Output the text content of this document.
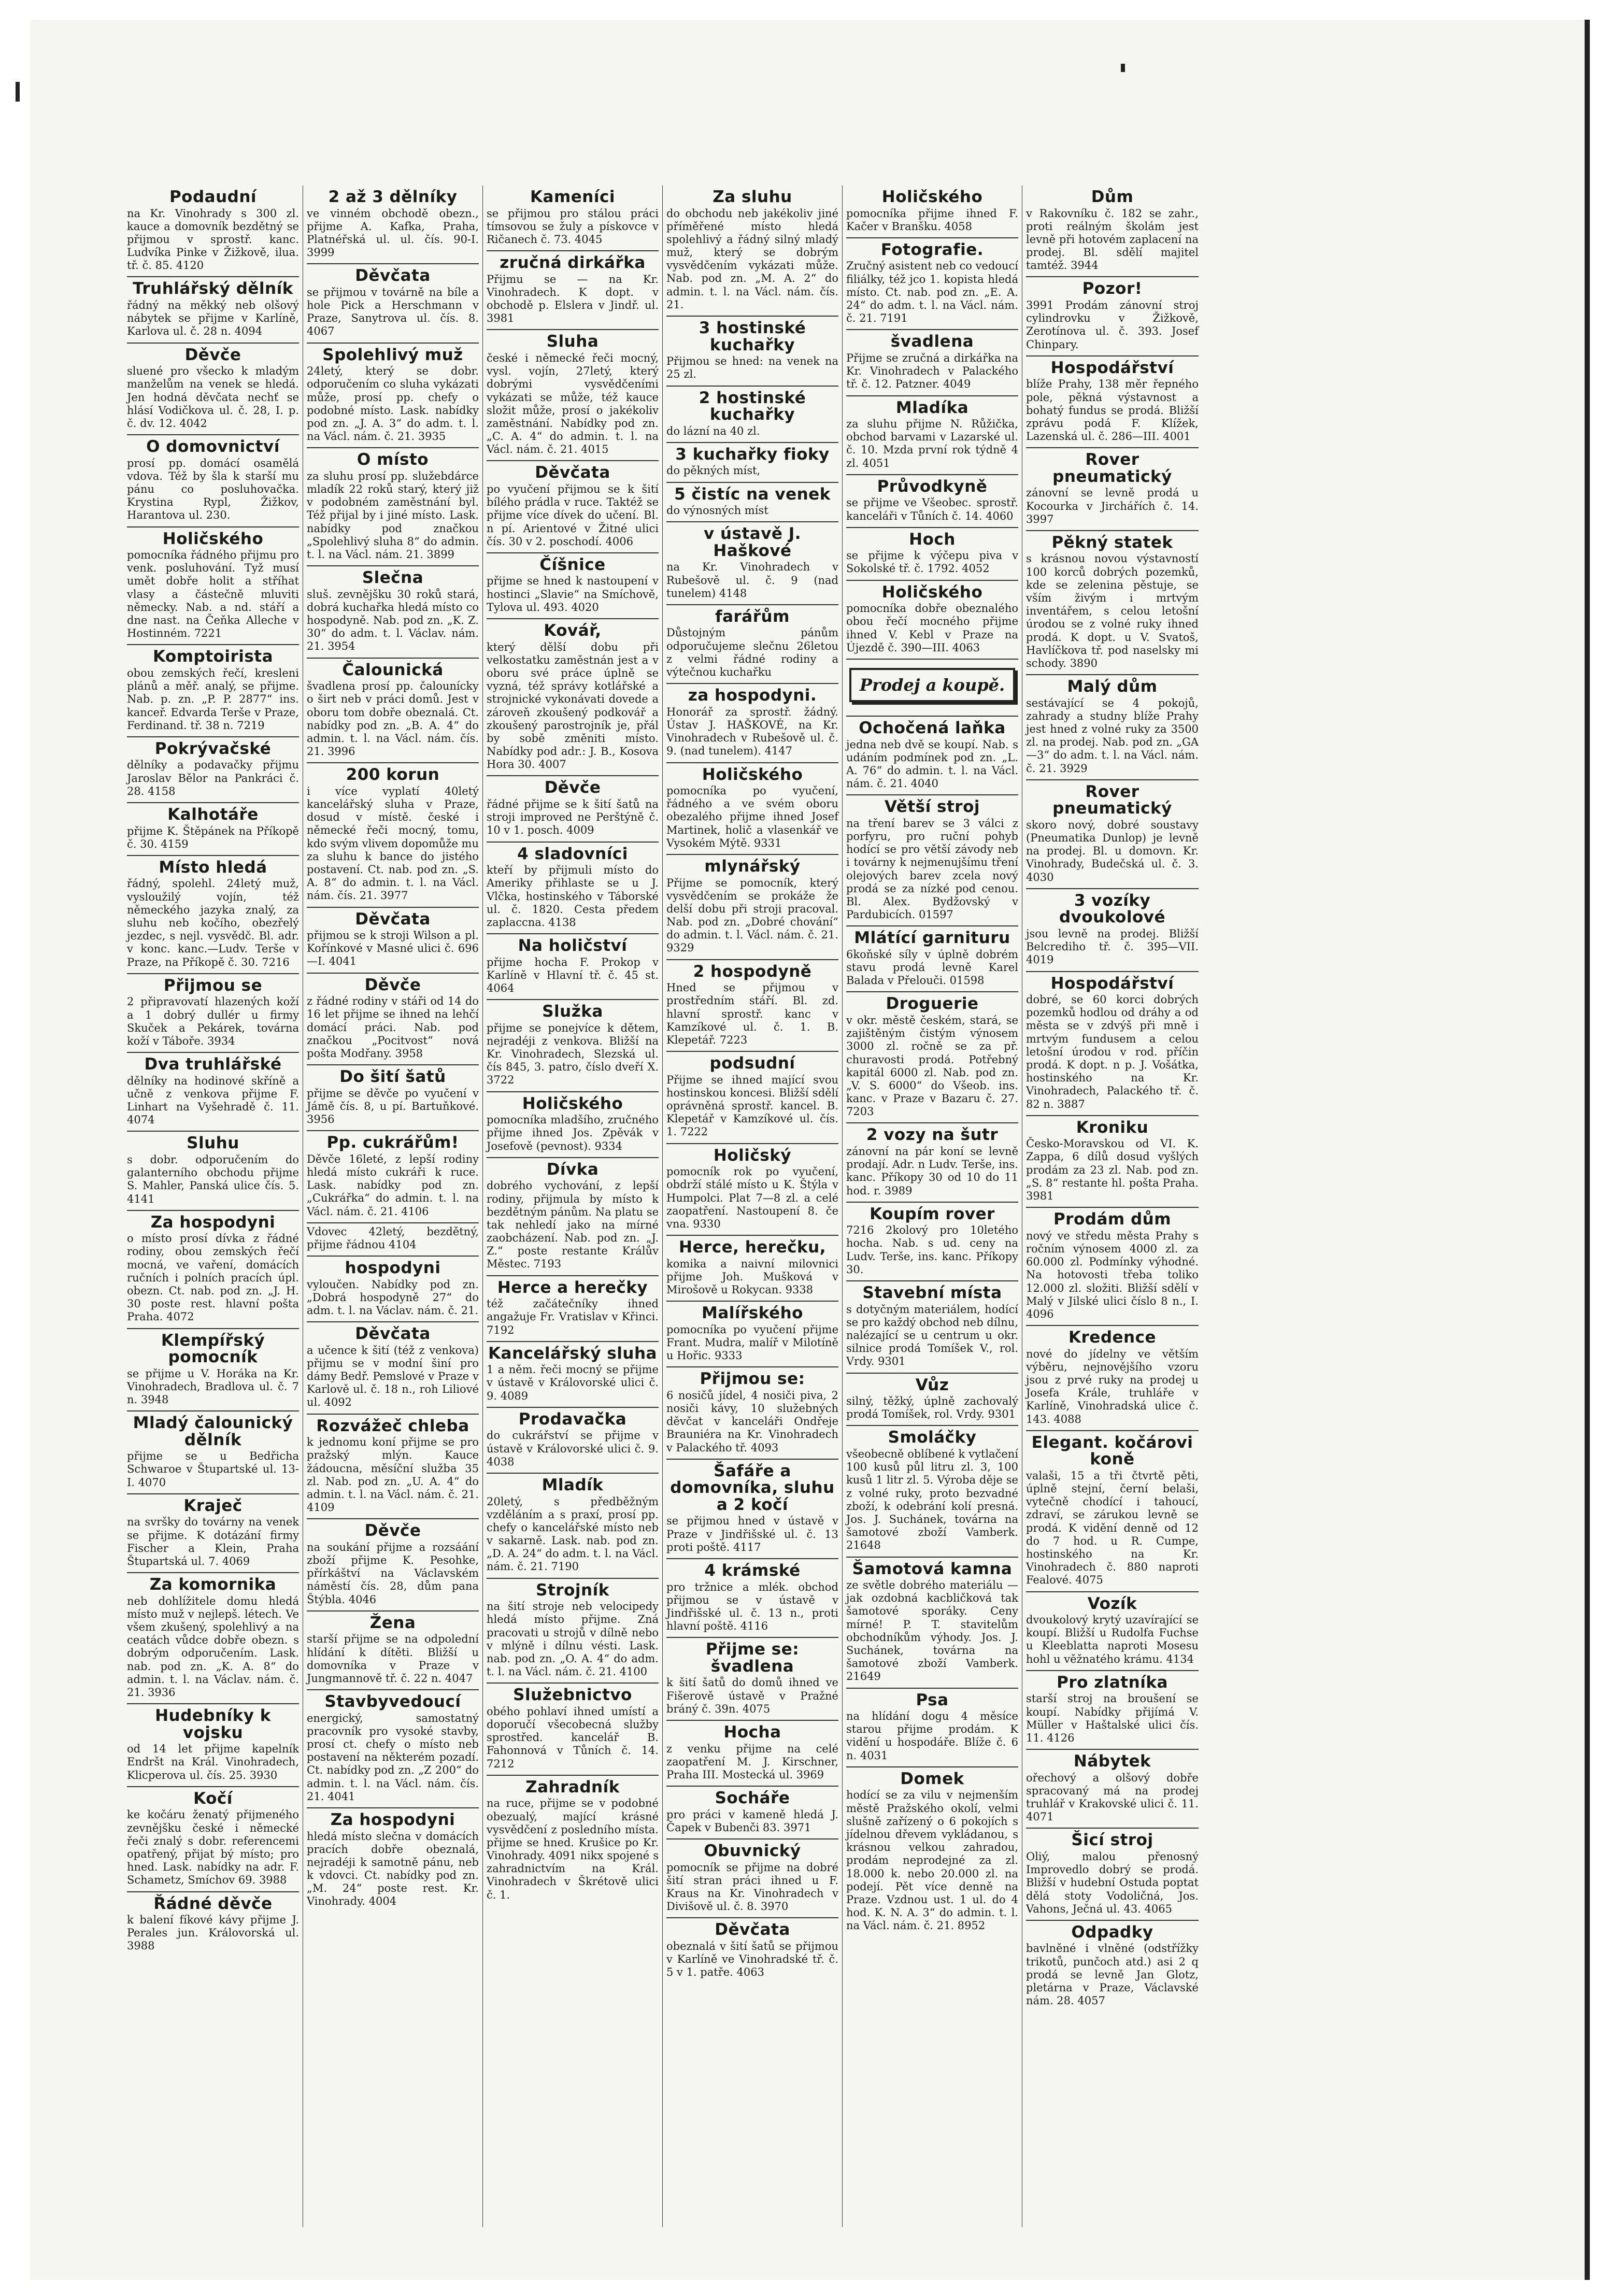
Podaudní
na Kr. Vinohrady s 300 zl. kauce a domovník bezdětný se přijmou v sprostř. kanc. Ludvíka Pinke v Žižkově, ilua. tř. č. 85. 4120
Truhlářský dělník
řádný na měkký neb olšový nábytek se přijme v Karlíně, Karlova ul. č. 28 n. 4094
Děvče
sluené pro všecko k mladým manželům na venek se hledá. Jen hodná děvčata nechť se hlásí Vodičkova ul. č. 28, I. p. č. dv. 12. 4042
O domovnictví
prosí pp. domácí osamělá vdova. Též by šla k starší mu pánu co posluhovačka. Krystina Rypl, Žižkov, Harantova ul. 230.
Holičského
pomocníka řádného přijmu pro venk. posluhování. Tyž musí umět dobře holit a stříhat vlasy a částečně mluviti německy. Nab. a nd. stáří a dne nast. na Čeňka Alleche v Hostinném. 7221
Komptoirista
obou zemských řečí, kresleni plánů a měř. analý, se přijme. Nab. p. zn. „P. P. 2877“ ins. kanceř. Edvarda Terše v Praze, Ferdinand. tř. 38 n. 7219
Pokrývačské
dělníky a podavačky přijmu Jaroslav Bělor na Pankráci č. 28. 4158
Kalhotáře
přijme K. Štěpánek na Příkopě č. 30. 4159
Místo hledá
řádný, spolehl. 24letý muž, vysloužilý vojín, též německého jazyka znalý, za sluhu neb kočího, obezřelý jezdec, s nejl. vysvědč. Bl. adr. v konc. kanc.—Ludv. Terše v Praze, na Příkopě č. 30. 7216
Přijmou se
2 připravovatí hlazených koží a 1 dobrý dullér u firmy Skuček a Pekárek, továrna koží v Táboře. 3934
Dva truhlářské
dělníky na hodinové skříně a učně z venkova přijme F. Linhart na Vyšehradě č. 11. 4074
Sluhu
s dobr. odporučením do galanterního obchodu přijme S. Mahler, Panská ulice čís. 5. 4141
Za hospodyni
o místo prosí dívka z řádné rodiny, obou zemských řečí mocná, ve vaření, domácích ručních i polních pracích úpl. obezn. Ct. nab. pod zn. „J. H. 30 poste rest. hlavní pošta Praha. 4072
Klempířský pomocník
se přijme u V. Horáka na Kr. Vinohradech, Bradlova ul. č. 7 n. 3948
Mladý čalounický dělník
přijme se u Bedřicha Schwaroe v Štupartské ul. 13-I. 4070
Kraječ
na svršky do továrny na venek se přijme. K dotázání firmy Fischer a Klein, Praha Štupartská ul. 7. 4069
Za komornika
neb dohlížitele domu hledá místo muž v nejlepš. létech. Ve všem zkušený, spolehlivý a na ceatách vůdce dobře obezn. s dobrým odporučením. Lask. nab. pod zn. „K. A. 8“ do admin. t. l. na Václav. nám. č. 21. 3936
Hudebníky k vojsku
od 14 let přijme kapelník Endršt na Král. Vinohradech, Klicperova ul. čís. 25. 3930
Kočí
ke kočáru ženatý přijmeného zevnějšku české i německé řeči znalý s dobr. referencemi opatřený, přijat bý místo; pro hned. Lask. nabídky na adr. F. Schametz, Smíchov 69. 3988
Řádné děvče
k balení fíkové kávy přijme J. Perales jun. Královorská ul. 3988
2 až 3 dělníky
ve vinném obchodě obezn., přijme A. Kafka, Praha, Platnéřská ul. ul. čís. 90-I. 3999
Děvčata
se přijmou v továrně na bíle a hole Pick a Herschmann v Praze, Sanytrova ul. čís. 8. 4067
Spolehlivý muž
24letý, který se dobr. odporučením co sluha vykázati může, prosí pp. chefy o podobné místo. Lask. nabídky pod zn. „J. A. 3“ do adm. t. l. na Václ. nám. č. 21. 3935
O místo
za sluhu prosí pp. služebdárce mladík 22 roků starý, který již v podobném zaměstnání byl. Též přijal by i jiné místo. Lask. nabídky pod značkou „Spolehlivý sluha 8“ do admin. t. l. na Václ. nám. 21. 3899
Slečna
sluš. zevnějšku 30 roků stará, dobrá kuchařka hledá místo co hospodyně. Nab. pod zn. „K. Z. 30“ do adm. t. l. Václav. nám. 21. 3954
Čalounická
švadlena prosí pp. čalounícky o širt neb v práci domů. Jest v oboru tom dobře obeznalá. Ct. nabídky pod zn. „B. A. 4“ do admin. t. l. na Václ. nám. čís. 21. 3996
200 korun
i více vyplatí 40letý kancelářský sluha v Praze, dosud v místě. české i německé řeči mocný, tomu, kdo svým vlivem dopomůže mu za sluhu k bance do jistého postavení. Ct. nab. pod zn. „S. A. 8“ do admin. t. l. na Václ. nám. čís. 21. 3977
Děvčata
přijmou se k stroji Wilson a pl. Kořínkové v Masné ulici č. 696—I. 4041
Děvče
z řádné rodiny v stáři od 14 do 16 let přijme se ihned na lehčí domácí práci. Nab. pod značkou „Pocitvost“ nová pošta Modřany. 3958
Do šití šatů
přijme se děvče po vyučení v Jámě čís. 8, u pí. Bartuňkové. 3956
Pp. cukrářům!
Děvče 16leté, z lepší rodiny hledá místo cukráři k ruce. Lask. nabídky pod zn. „Cukrářka“ do admin. t. l. na Václ. nám. č. 21. 4106
Vdovec 42letý, bezdětný, přijme řádnou 4104
hospodyni
vyloučen. Nabídky pod zn. „Dobrá hospodyně 27“ do adm. t. l. na Václav. nám. č. 21.
Děvčata
a učence k šití (též z venkova) přijmu se v modní šiní pro dámy Bedř. Pemslové v Praze v Karlově ul. č. 18 n., roh Liliové ul. 4092
Rozvážeč chleba
k jednomu koní přijme se pro pražský mlýn. Kauce žádoucna, měsíční služba 35 zl. Nab. pod zn. „U. A. 4“ do admin. t. l. na Václ. nám. č. 21. 4109
Děvče
na soukání přijme a rozsáání zboží přijme K. Pesohke, přírkáštví na Václavském náměstí čís. 28, dům pana Štýbla. 4046
Žena
starší přijme se na odpolední hlídání k dítěti. Bližší u domovníka v Praze v Jungmannově tř. č. 22 n. 4047
Stavbyvedoucí
energický, samostatný pracovník pro vysoké stavby, prosí ct. chefy o místo neb postavení na některém pozadí. Ct. nabídky pod zn. „Z 200“ do admin. t. l. na Václ. nám. čís. 21. 4041
Za hospodyni
hledá místo slečna v domácích pracích dobře obeznalá, nejradéji k samotně pánu, neb k vdovci. Ct. nabídky pod zn. „M. 24“ poste rest. Kr. Vinohrady. 4004
Kameníci
se přijmou pro stálou práci tímsovou se žuly a pískovce v Ričanech č. 73. 4045
zručná dirkářka
Přijmu se — na Kr. Vinohradech. K dopt. v obchodě p. Elslera v Jindř. ul. 3981
Sluha
české i německé řeči mocný, vysl. vojín, 27letý, který dobrými vysvědčeními vykázati se může, též kauce složit může, prosí o jakékoliv zaměstnání. Nabídky pod zn. „C. A. 4“ do admin. t. l. na Václ. nám. č. 21. 4015
Děvčata
po vyučení přijmou se k šití bílého prádla v ruce. Taktéž se přijme více dívek do učení. Bl. n pí. Arientové v Žitné ulici čís. 30 v 2. poschodí. 4006
Číšnice
přijme se hned k nastoupení v hostinci „Slavie“ na Smíchově, Tylova ul. 493. 4020
Kovář,
který dělší dobu při velkostatku zaměstnán jest a v oboru své práce úplně se vyzná, též správy kotlářské a strojnické vykonávati dovede a zároveň zkoušený podkovář a zkoušený parostrojník je, přál by sobě změniti místo. Nabídky pod adr.: J. B., Kosova Hora 30. 4007
Děvče
řádné přijme se k šití šatů na stroji improved ne Perštýně č. 10 v 1. posch. 4009
4 sladovníci
kteří by přijmuli místo do Ameriky přihlaste se u J. Vlčka, hostinského v Táborské ul. č. 1820. Cesta předem zaplaccna. 4138
Na holičství
přijme hocha F. Prokop v Karlíně v Hlavní tř. č. 45 st. 4064
Služka
přijme se ponejvíce k dětem, nejradéji z venkova. Bližší na Kr. Vinohradech, Slezská ul. čís 845, 3. patro, číslo dveří X. 3722
Holičského
pomocníka mladšího, zručného přijme ihned Jos. Zpěvák v Josefově (pevnost). 9334
Dívka
dobrého vychování, z lepší rodiny, přijmula by místo k bezdětným pánům. Na platu se tak nehledí jako na mírné zaobcházení. Nab. pod zn. „J. Z.“ poste restante Králův Městec. 7193
Herce a herečky
též začátečníky ihned angažuje Fr. Vratislav v Křinci. 7192
Kancelářský sluha
1 a něm. řeči mocný se přijme v ústavě v Královorské ulici č. 9. 4089
Prodavačka
do cukrářství se přijme v ústavě v Královorské ulici č. 9. 4038
Mladík
20letý, s předběžným vzděláním a s praxí, prosí pp. chefy o kancelářské místo neb v sakarně. Lask. nab. pod zn. „D. A. 24“ do adm. t. l. na Václ. nám. č. 21. 7190
Strojník
na šití stroje neb velocipedy hledá místo přijme. Zná pracovati u strojů v dílně nebo v mlýně i dílnu vésti. Lask. nab. pod zn. „O. A. 4“ do adm. t. l. na Václ. nám. č. 21. 4100
Služebnictvo
obého pohlaví ihned umístí a doporučí všecobecná služby sprostřed. kancelář B. Fahonnová v Tůních č. 14. 7212
Zahradník
na ruce, přijme se v podobné obezualý, mající krásné vysvědčení z posledního místa. přijme se hned. Krušice po Kr. Vinohrady. 4091 nikx spojené s zahradnictvím na Král. Vinohradech v Škrétově ulici č. 1.
Za sluhu
do obchodu neb jakékoliv jiné příměřené místo hledá spolehlivý a řádný silný mladý muž, který se dobrým vysvědčením vykázati může. Nab. pod zn. „M. A. 2“ do admin. t. l. na Václ. nám. čís. 21.
3 hostinské kuchařky
Přijmou se hned: na venek na 25 zl.
2 hostinské kuchařky
do lázní na 40 zl.
3 kuchařky fioky
do pěkných míst,
5 čistíc na venek
do výnosných míst
v ústavě J. Haškové
na Kr. Vinohradech v Rubešově ul. č. 9 (nad tunelem) 4148
farářům
Důstojným pánům odporučujeme slečnu 26letou z velmi řádné rodiny a výtečnou kuchařku
za hospodyni.
Honorář za sprostř. žádný. Ústav J. HAŠKOVÉ, na Kr. Vinohradech v Rubešově ul. č. 9. (nad tunelem). 4147
Holičského
pomocníka po vyučení, řádného a ve svém oboru obezalého přijme ihned Josef Martinek, holič a vlasenkář ve Vysokém Mýtě. 9331
mlynářský
Přijme se pomocník, který vysvědčením se prokáže že delší dobu při stroji pracoval. Nab. pod zn. „Dobré chování“ do admin. t. l. Václ. nám. č. 21. 9329
2 hospodyně
Hned se přijmou v prostředním stáří. Bl. zd. hlavní sprostř. kanc v Kamzíkové ul. č. 1. B. Klepetář. 7223
podsudní
Přijme se ihned mající svou hostinskou koncesi. Bližší sdělí oprávněná sprostř. kancel. B. Klepetář v Kamzíkové ul. čís. 1. 7222
Holičský
pomocník rok po vyučení, obdrží stálé místo u K. Štýla v Humpolci. Plat 7—8 zl. a celé zaopatření. Nastoupení 8. če vna. 9330
Herce, herečku,
komika a naivní milovnici přijme Joh. Mušková v Mirošově u Rokycan. 9338
Malířského
pomocníka po vyučení přijme Frant. Mudra, malíř v Milotíně u Hořic. 9333
Přijmou se:
6 nosičů jídel, 4 nosiči piva, 2 nosiči kávy, 10 služebných děvčat v kanceláři Ondřeje Brauniéra na Kr. Vinohradech v Palackého tř. 4093
Šafáře a domovníka, sluhu a 2 kočí
se přijmou hned v ústavě v Praze v Jindřišské ul. č. 13 proti poště. 4117
4 krámské
pro tržnice a mlék. obchod přijmou se v ústavě v Jindřišské ul. č. 13 n., proti hlavní poště. 4116
Přijme se: švadlena
k šití šatů do domů ihned ve Fišerově ústavě v Pražné bráný č. 39n. 4075
Hocha
z venku přijme na celé zaopatření M. J. Kirschner, Praha III. Mostecká ul. 3969
Socháře
pro práci v kameně hledá J. Čapek v Bubenči 83. 3971
Obuvnický
pomocník se přijme na dobré šití stran práci ihned u F. Kraus na Kr. Vinohradech v Divišově ul. č. 8. 3970
Děvčata
obeznalá v šití šatů se přijmou v Karlíně ve Vinohradské tř. č. 5 v 1. patře. 4063
Holičského
pomocníka přijme ihned F. Kačer v Branšku. 4058
Fotografie.
Zručný asistent neb co vedoucí filiálky, též jco 1. kopista hledá místo. Ct. nab. pod zn. „E. A. 24“ do adm. t. l. na Václ. nám. č. 21. 7191
švadlena
Přijme se zručná a dirkářka na Kr. Vinohradech v Palackého tř. č. 12. Patzner. 4049
Mladíka
za sluhu přijme N. Růžička, obchod barvami v Lazarské ul. č. 10. Mzda první rok týdně 4 zl. 4051
Průvodkyně
se přijme ve Všeobec. sprostř. kanceláři v Tůních č. 14. 4060
Hoch
se přijme k výčepu piva v Sokolské tř. č. 1792. 4052
Holičského
pomocníka dobře obeznalého obou řečí mocného přijme ihned V. Kebl v Praze na Újezdě č. 390—III. 4063
Prodej a koupě.
Ochočená laňka
jedna neb dvě se koupí. Nab. s udáním podmínek pod zn. „L. A. 76“ do admin. t. l. na Václ. nám. č. 21. 4040
Větší stroj
na tření barev se 3 válci z porfyru, pro ruční pohyb hodící se pro větší závody neb i továrny k nejmenujšímu tření olejových barev zcela nový prodá se za nízké pod cenou. Bl. Alex. Bydžovský v Pardubicích. 01597
Mlátící garnituru
6koňské síly v úplně dobrém stavu prodá levně Karel Balada v Přelouči. 01598
Droguerie
v okr. městě českém, stará, se zajištěným čistým výnosem 3000 zl. ročně se za př. churavosti prodá. Potřebný kapitál 6000 zl. Nab. pod zn. „V. S. 6000“ do Všeob. ins. kanc. v Praze v Bazaru č. 27. 7203
2 vozy na šutr
zánovní na pár koní se levně prodají. Adr. n Ludv. Terše, ins. kanc. Příkopy 30 od 10 do 11 hod. r. 3989
Koupím rover
7216 2kolový pro 10letého hocha. Nab. s ud. ceny na Ludv. Terše, ins. kanc. Příkopy 30.
Stavební místa
s dotyčným materiálem, hodící se pro každý obchod neb dílnu, nalézající se u centrum u okr. silnice prodá Tomíšek V., rol. Vrdy. 9301
Vůz
silný, těžký, úplně zachovalý prodá Tomíšek, rol. Vrdy. 9301
Smoláčky
všeobecně oblíbené k vytlačení 100 kusů půl litru zl. 3, 100 kusů 1 litr zl. 5. Výroba děje se z volné ruky, proto bezvadné zboží, k odebrání kolí presná. Jos. J. Suchánek, továrna na šamotové zboží Vamberk. 21648
Šamotová kamna
ze světle dobrého materiálu — jak ozdobná kacbličková tak šamotové sporáky. Ceny mírné! P. T. stavitelům obchodníkům výhody. Jos. J. Suchánek, továrna na šamotové zboží Vamberk. 21649
Psa
na hlídání dogu 4 měsíce starou přijme prodám. K vidění u hospodáře. Blíže č. 6 n. 4031
Domek
hodící se za vilu v nejmenším městě Pražského okolí, velmi slušně zařízený o 6 pokojích s jídelnou dřevem vykládanou, s krásnou velkou zahradou, prodám neprodejné za zl. 18.000 k. nebo 20.000 zl. na podejí. Pět více denně na Praze. Vzdnou ust. 1 ul. do 4 hod. K. N. A. 3“ do admin. t. l. na Václ. nám. č. 21. 8952
Dům
v Rakovníku č. 182 se zahr., proti reálným školám jest levně při hotovém zaplacení na prodej. Bl. sdělí majitel tamtéž. 3944
Pozor!
3991 Prodám zánovní stroj cylindrovku v Žižkově, Zerotínova ul. č. 393. Josef Chinpary.
Hospodářství
blíže Prahy, 138 měr řepného pole, pěkná výstavnost a bohatý fundus se prodá. Bližší zprávu podá F. Klížek, Lazenská ul. č. 286—III. 4001
Rover pneumatický
zánovní se levně prodá u Kocourka v Jirchářích č. 14. 3997
Pěkný statek
s krásnou novou výstavností 100 korců dobrých pozemků, kde se zelenina pěstuje, se vším živým i mrtvým inventářem, s celou letošní úrodou se z volné ruky ihned prodá. K dopt. u V. Svatoš, Havlíčkova tř. pod naselsky mi schody. 3890
Malý dům
sestávající se 4 pokojů, zahrady a studny blíže Prahy jest hned z volné ruky za 3500 zl. na prodej. Nab. pod zn. „GA—3“ do adm. t. l. na Václ. nám. č. 21. 3929
Rover pneumatický
skoro nový, dobré soustavy (Pneumatika Dunlop) je levně na prodej. Bl. u domovn. Kr. Vinohrady, Budečská ul. č. 3. 4030
3 vozíky dvoukolové
jsou levně na prodej. Bližší Belcrediho tř. č. 395—VII. 4019
Hospodářství
dobré, se 60 korci dobrých pozemků hodlou od dráhy a od města se v zdvýš při mně i mrtvým fundusem a celou letošní úrodou v rod. příčin prodá. K dopt. n p. J. Vošátka, hostinského na Kr. Vinohradech, Palackého tř. č. 82 n. 3887
Kroniku
Česko-Moravskou od VI. K. Zappa, 6 dílů dosud vyšlých prodám za 23 zl. Nab. pod zn. „S. 8“ restante hl. pošta Praha. 3981
Prodám dům
nový ve středu města Prahy s ročním výnosem 4000 zl. za 60.000 zl. Podmínky výhodné. Na hotovosti třeba toliko 12.000 zl. složiti. Bližší sdělí v Malý v Jilské ulici číslo 8 n., I. 4096
Kredence
nové do jídelny ve větším výběru, nejnovějšího vzoru jsou z prvé ruky na prodej u Josefa Krále, truhláře v Karlíně, Vinohradská ulice č. 143. 4088
Elegant. kočárovi koně
valaši, 15 a tři čtvrtě pěti, úplně stejní, černí belaši, vytečně chodící i tahoucí, zdraví, se zárukou levně se prodá. K vidění denně od 12 do 7 hod. u R. Cumpe, hostinského na Kr. Vinohradech č. 880 naproti Fealové. 4075
Vozík
dvoukolový krytý uzavírající se koupí. Bližší u Rudolfa Fuchse u Kleeblatta naproti Mosesu hohl u věžnatého krámu. 4134
Pro zlatníka
starší stroj na broušení se koupí. Nabídky přijímá V. Müller v Haštalské ulici čís. 11. 4126
Nábytek
ořechový a olšový dobře spracovaný má na prodej truhlář v Krakovské ulici č. 11. 4071
Šicí stroj
Oliý, malou přenosný Improvedlo dobrý se prodá. Bližší v hudební Ostuda poptat dělá stoty Vodoličná, Jos. Vahons, Ječná ul. 43. 4065
Odpadky
bavlněné i vlněné (odstřížky trikotů, punčoch atd.) asi 2 q prodá se levně Jan Glotz, pletárna v Praze, Václavské nám. 28. 4057
